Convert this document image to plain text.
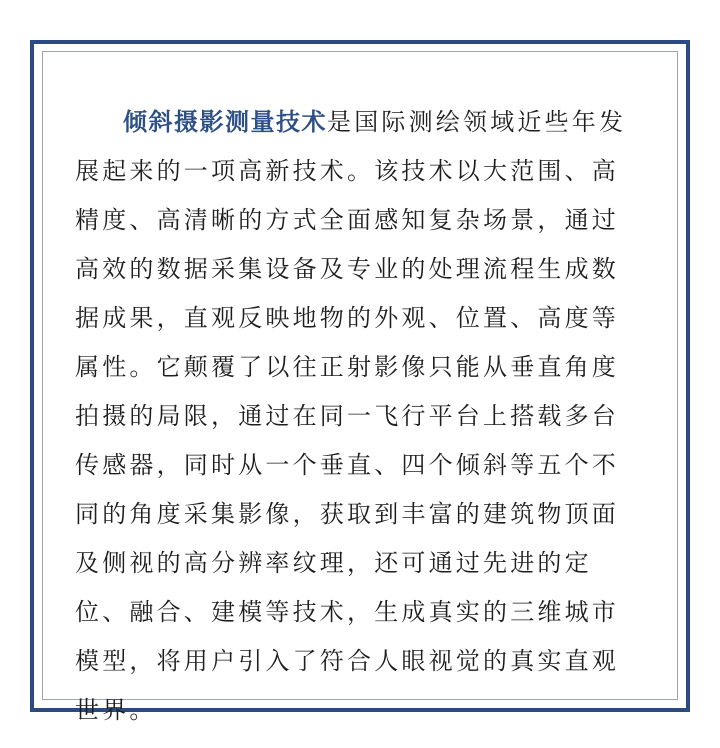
倾斜摄影测量技术是国际测绘领域近些年发展起来的一项高新技术。该技术以大范围、高精度、高清晰的方式全面感知复杂场景，通过高效的数据采集设备及专业的处理流程生成数据成果，直观反映地物的外观、位置、高度等属性。它颠覆了以往正射影像只能从垂直角度拍摄的局限，通过在同一飞行平台上搭载多台传感器，同时从一个垂直、四个倾斜等五个不同的角度采集影像，获取到丰富的建筑物顶面及侧视的高分辨率纹理，还可通过先进的定位、融合、建模等技术，生成真实的三维城市模型，将用户引入了符合人眼视觉的真实直观世界。
